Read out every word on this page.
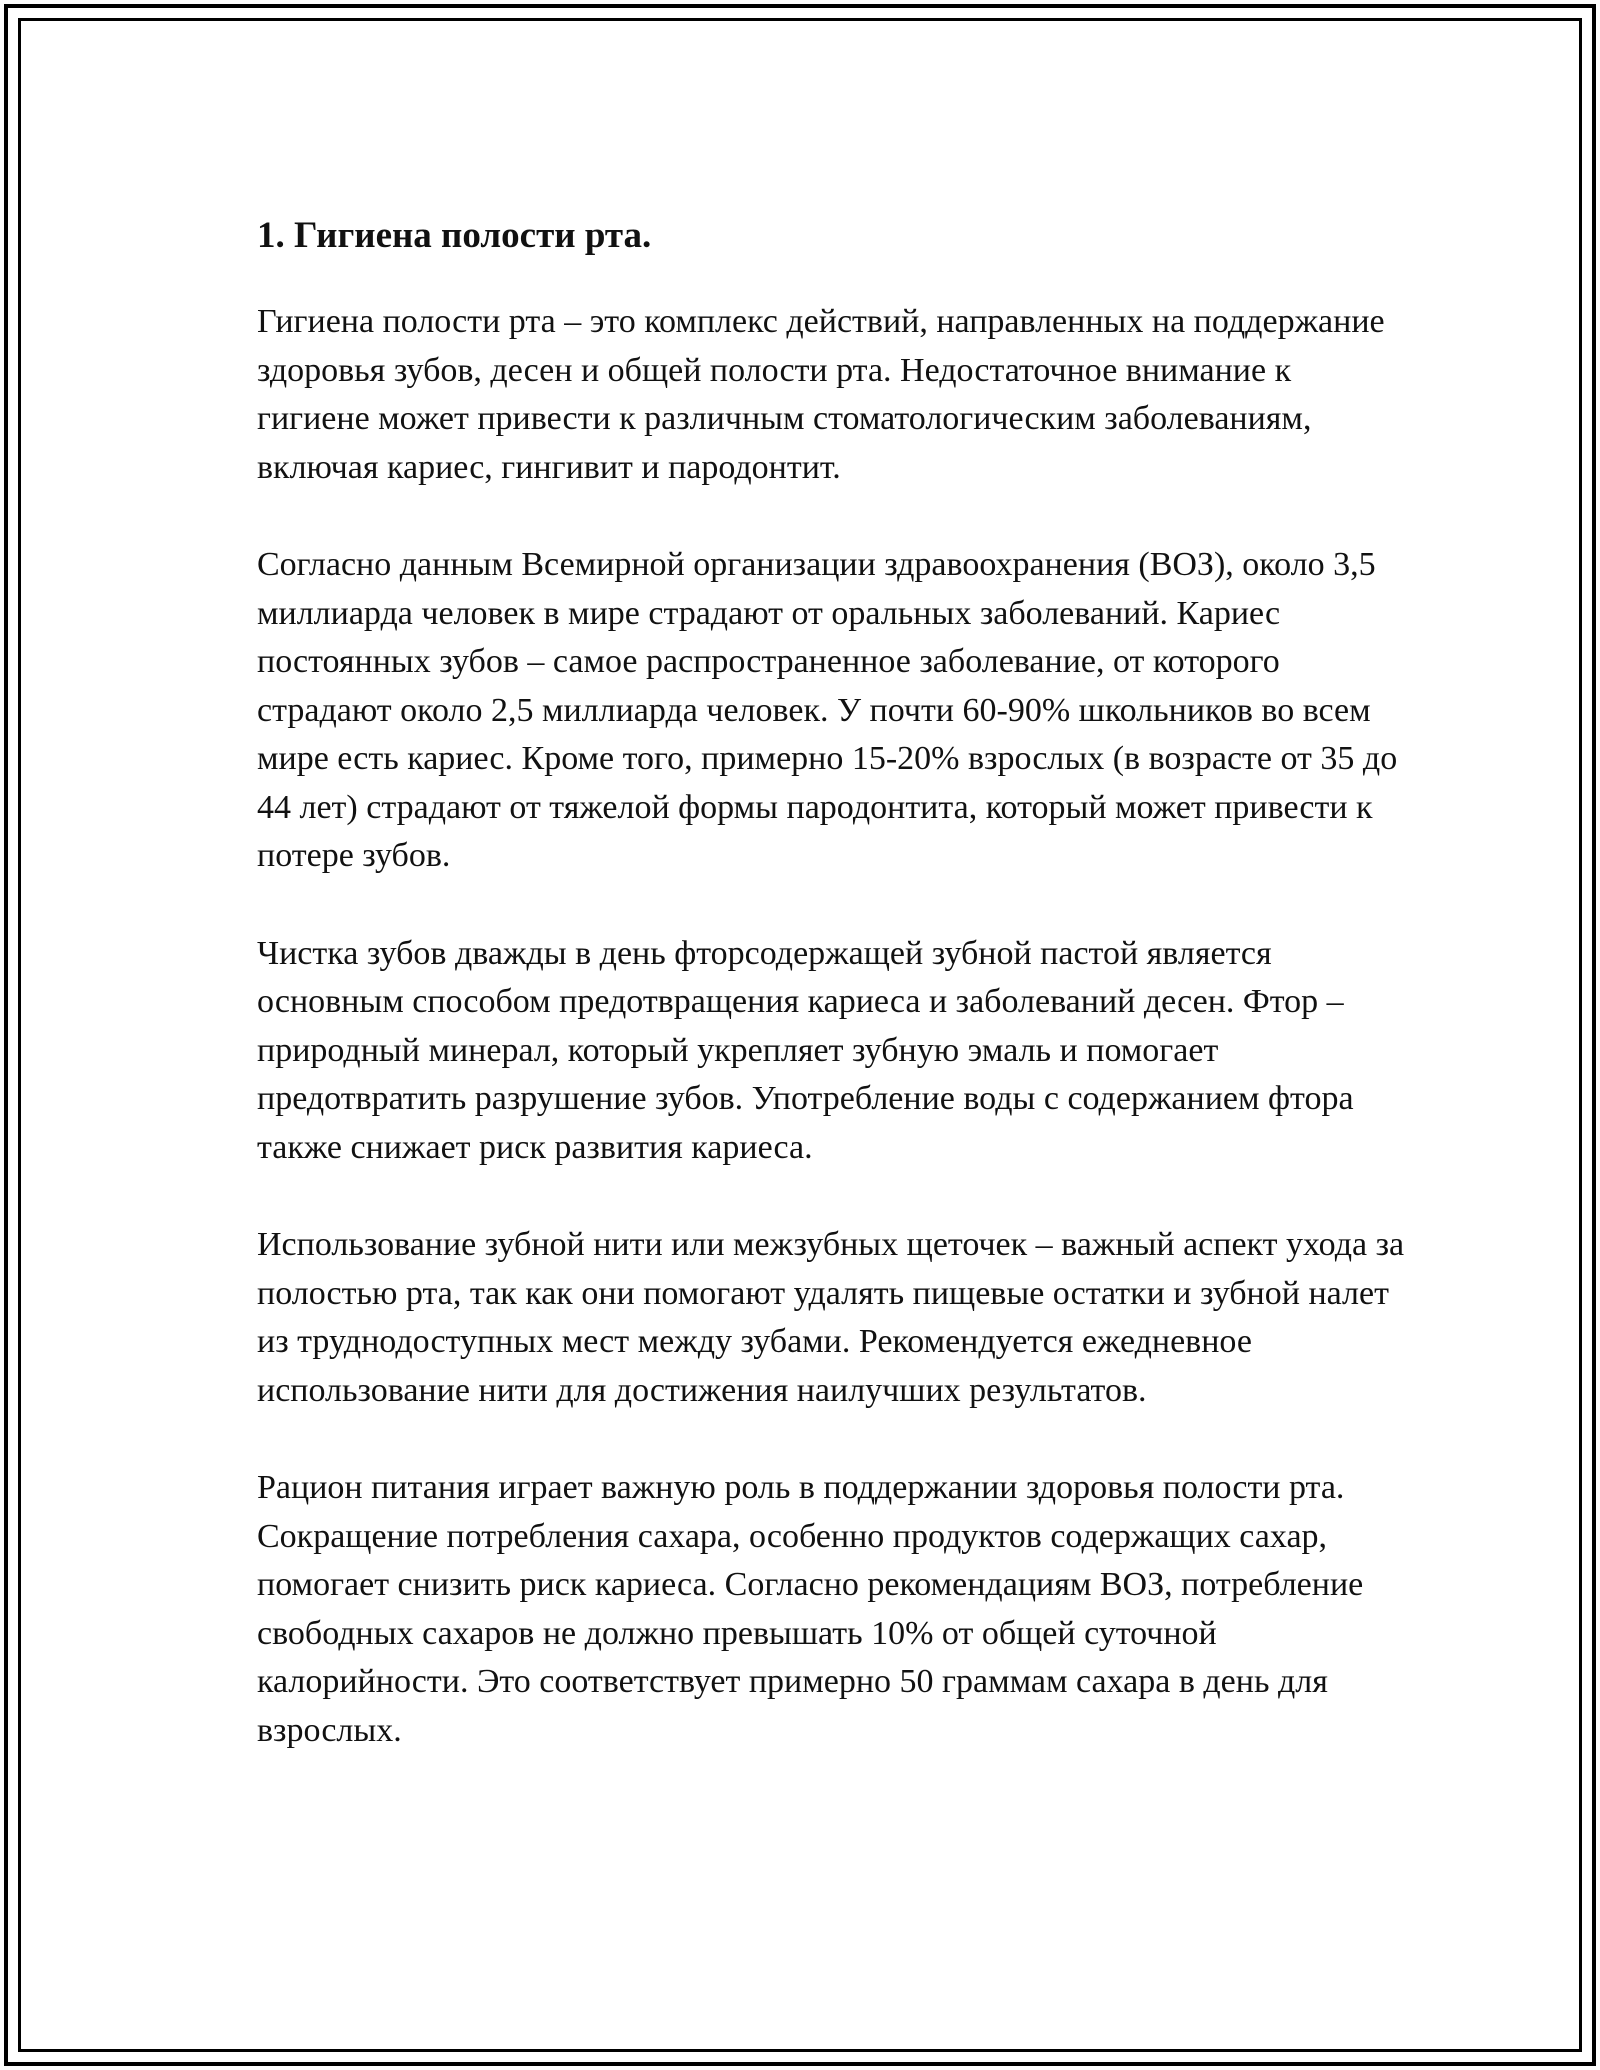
1. Гигиена полости рта.

Гигиена полости рта – это комплекс действий, направленных на поддержание здоровья зубов, десен и общей полости рта. Недостаточное внимание к гигиене может привести к различным стоматологическим заболеваниям, включая кариес, гингивит и пародонтит.

Согласно данным Всемирной организации здравоохранения (ВОЗ), около 3,5 миллиарда человек в мире страдают от оральных заболеваний. Кариес постоянных зубов – самое распространенное заболевание, от которого страдают около 2,5 миллиарда человек. У почти 60-90% школьников во всем мире есть кариес. Кроме того, примерно 15-20% взрослых (в возрасте от 35 до 44 лет) страдают от тяжелой формы пародонтита, который может привести к потере зубов.

Чистка зубов дважды в день фторсодержащей зубной пастой является основным способом предотвращения кариеса и заболеваний десен. Фтор – природный минерал, который укрепляет зубную эмаль и помогает предотвратить разрушение зубов. Употребление воды с содержанием фтора также снижает риск развития кариеса.

Использование зубной нити или межзубных щеточек – важный аспект ухода за полостью рта, так как они помогают удалять пищевые остатки и зубной налет из труднодоступных мест между зубами. Рекомендуется ежедневное использование нити для достижения наилучших результатов.

Рацион питания играет важную роль в поддержании здоровья полости рта. Сокращение потребления сахара, особенно продуктов содержащих сахар, помогает снизить риск кариеса. Согласно рекомендациям ВОЗ, потребление свободных сахаров не должно превышать 10% от общей суточной калорийности. Это соответствует примерно 50 граммам сахара в день для взрослых.
